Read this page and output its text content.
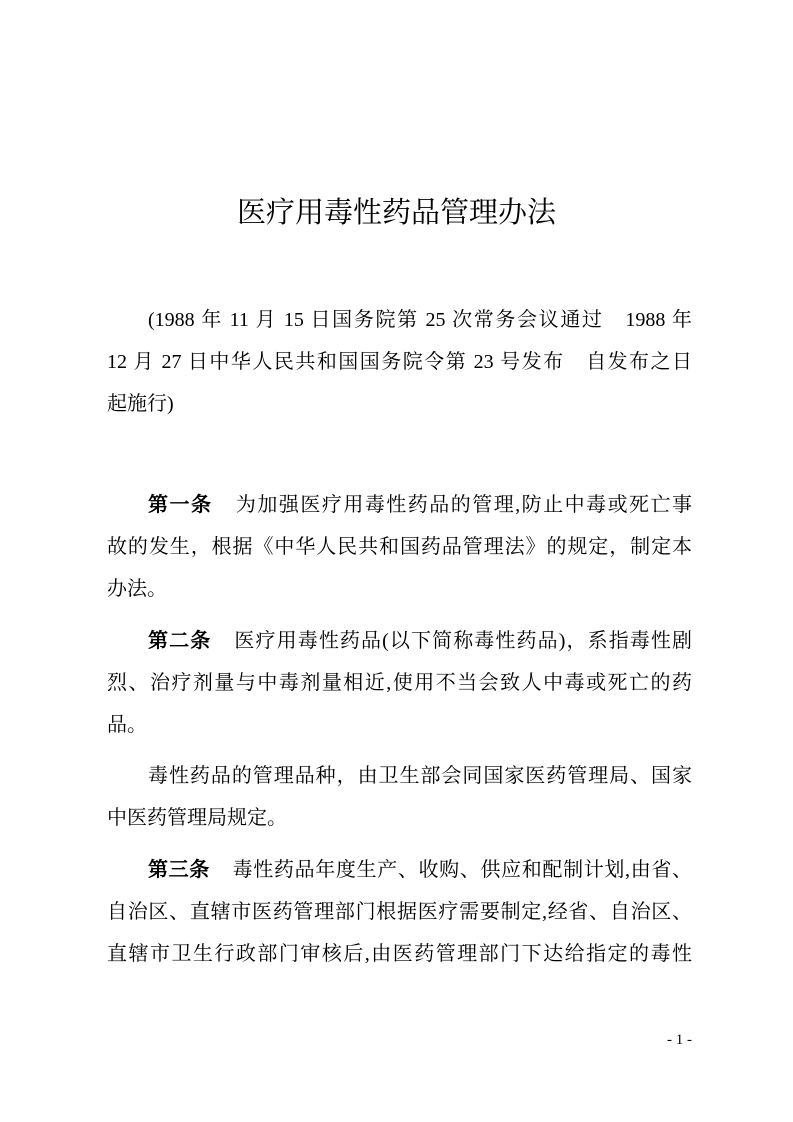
医疗用毒性药品管理办法
(1988 年 11 月 15 日国务院第 25 次常务会议通过　1988 年
12 月 27 日中华人民共和国国务院令第 23 号发布　自发布之日
起施行)
第一条 为加强医疗用毒性药品的管理,防止中毒或死亡事
故的发生，根据《中华人民共和国药品管理法》的规定，制定本
办法。
第二条 医疗用毒性药品(以下简称毒性药品)，系指毒性剧
烈、治疗剂量与中毒剂量相近,使用不当会致人中毒或死亡的药
品。
毒性药品的管理品种，由卫生部会同国家医药管理局、国家
中医药管理局规定。
第三条 毒性药品年度生产、收购、供应和配制计划,由省、
自治区、直辖市医药管理部门根据医疗需要制定,经省、自治区、
直辖市卫生行政部门审核后,由医药管理部门下达给指定的毒性
- 1 -
